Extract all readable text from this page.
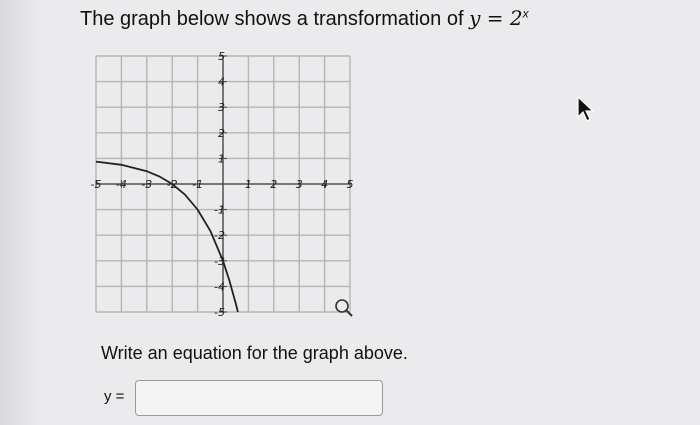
The graph below shows a transformation of $y = 2^x$
-5 -4 -3 -2 -1	1 2 3 4 5
5
4
3
2
1
-1
-2
-3
-4
-5
Write an equation for the graph above.
y =
